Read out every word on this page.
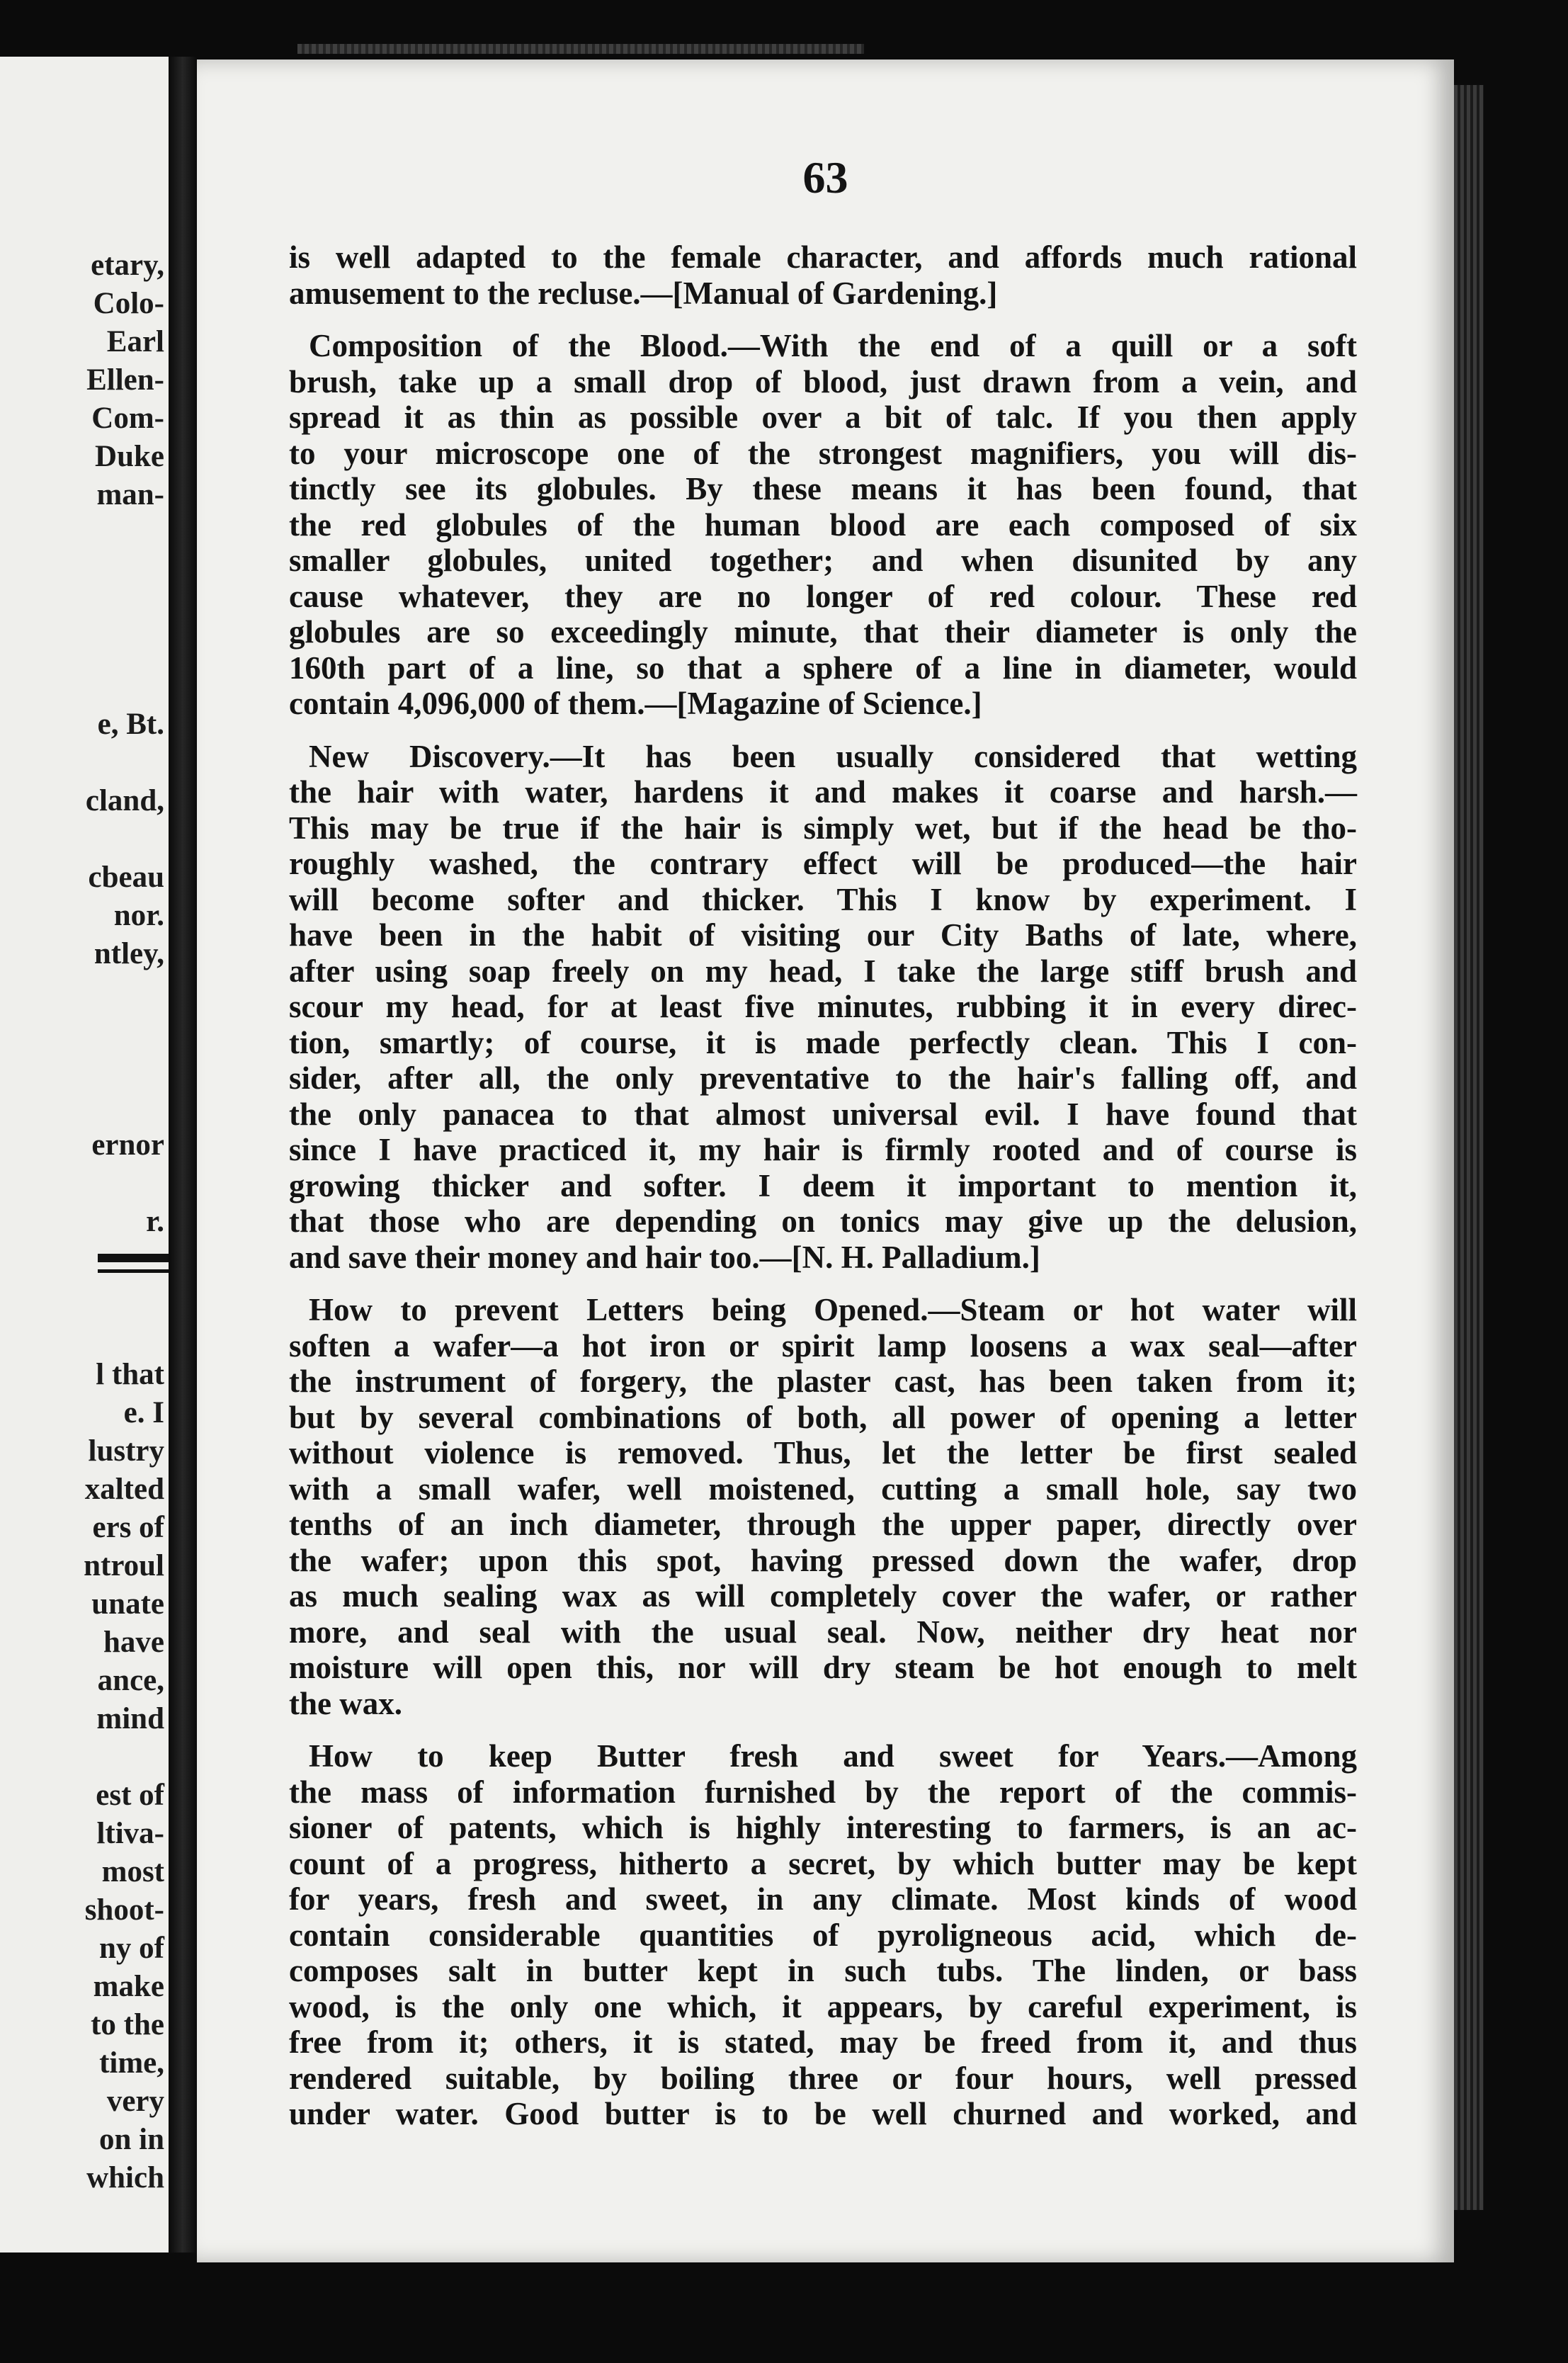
etary,
Colo-
Earl
Ellen-
Com-
Duke
man-
e, Bt.
cland,
cbeau
nor.
ntley,
ernor
r.
l that
e. I
lustry
xalted
ers of
ntroul
unate
have
ance,
mind
est of
ltiva-
most
shoot-
ny of
make
to the
time,
very
on in
which
63
is well adapted to the female character, and affords much rational
amusement to the recluse.—[Manual of Gardening.]
Composition of the Blood.—With the end of a quill or a soft
brush, take up a small drop of blood, just drawn from a vein, and
spread it as thin as possible over a bit of talc. If you then apply
to your microscope one of the strongest magnifiers, you will dis-
tinctly see its globules. By these means it has been found, that
the red globules of the human blood are each composed of six
smaller globules, united together; and when disunited by any
cause whatever, they are no longer of red colour. These red
globules are so exceedingly minute, that their diameter is only the
160th part of a line, so that a sphere of a line in diameter, would
contain 4,096,000 of them.—[Magazine of Science.]
New Discovery.—It has been usually considered that wetting
the hair with water, hardens it and makes it coarse and harsh.—
This may be true if the hair is simply wet, but if the head be tho-
roughly washed, the contrary effect will be produced—the hair
will become softer and thicker. This I know by experiment. I
have been in the habit of visiting our City Baths of late, where,
after using soap freely on my head, I take the large stiff brush and
scour my head, for at least five minutes, rubbing it in every direc-
tion, smartly; of course, it is made perfectly clean. This I con-
sider, after all, the only preventative to the hair's falling off, and
the only panacea to that almost universal evil. I have found that
since I have practiced it, my hair is firmly rooted and of course is
growing thicker and softer. I deem it important to mention it,
that those who are depending on tonics may give up the delusion,
and save their money and hair too.—[N. H. Palladium.]
How to prevent Letters being Opened.—Steam or hot water will
soften a wafer—a hot iron or spirit lamp loosens a wax seal—after
the instrument of forgery, the plaster cast, has been taken from it;
but by several combinations of both, all power of opening a letter
without violence is removed. Thus, let the letter be first sealed
with a small wafer, well moistened, cutting a small hole, say two
tenths of an inch diameter, through the upper paper, directly over
the wafer; upon this spot, having pressed down the wafer, drop
as much sealing wax as will completely cover the wafer, or rather
more, and seal with the usual seal. Now, neither dry heat nor
moisture will open this, nor will dry steam be hot enough to melt
the wax.
How to keep Butter fresh and sweet for Years.—Among
the mass of information furnished by the report of the commis-
sioner of patents, which is highly interesting to farmers, is an ac-
count of a progress, hitherto a secret, by which butter may be kept
for years, fresh and sweet, in any climate. Most kinds of wood
contain considerable quantities of pyroligneous acid, which de-
composes salt in butter kept in such tubs. The linden, or bass
wood, is the only one which, it appears, by careful experiment, is
free from it; others, it is stated, may be freed from it, and thus
rendered suitable, by boiling three or four hours, well pressed
under water. Good butter is to be well churned and worked, and
